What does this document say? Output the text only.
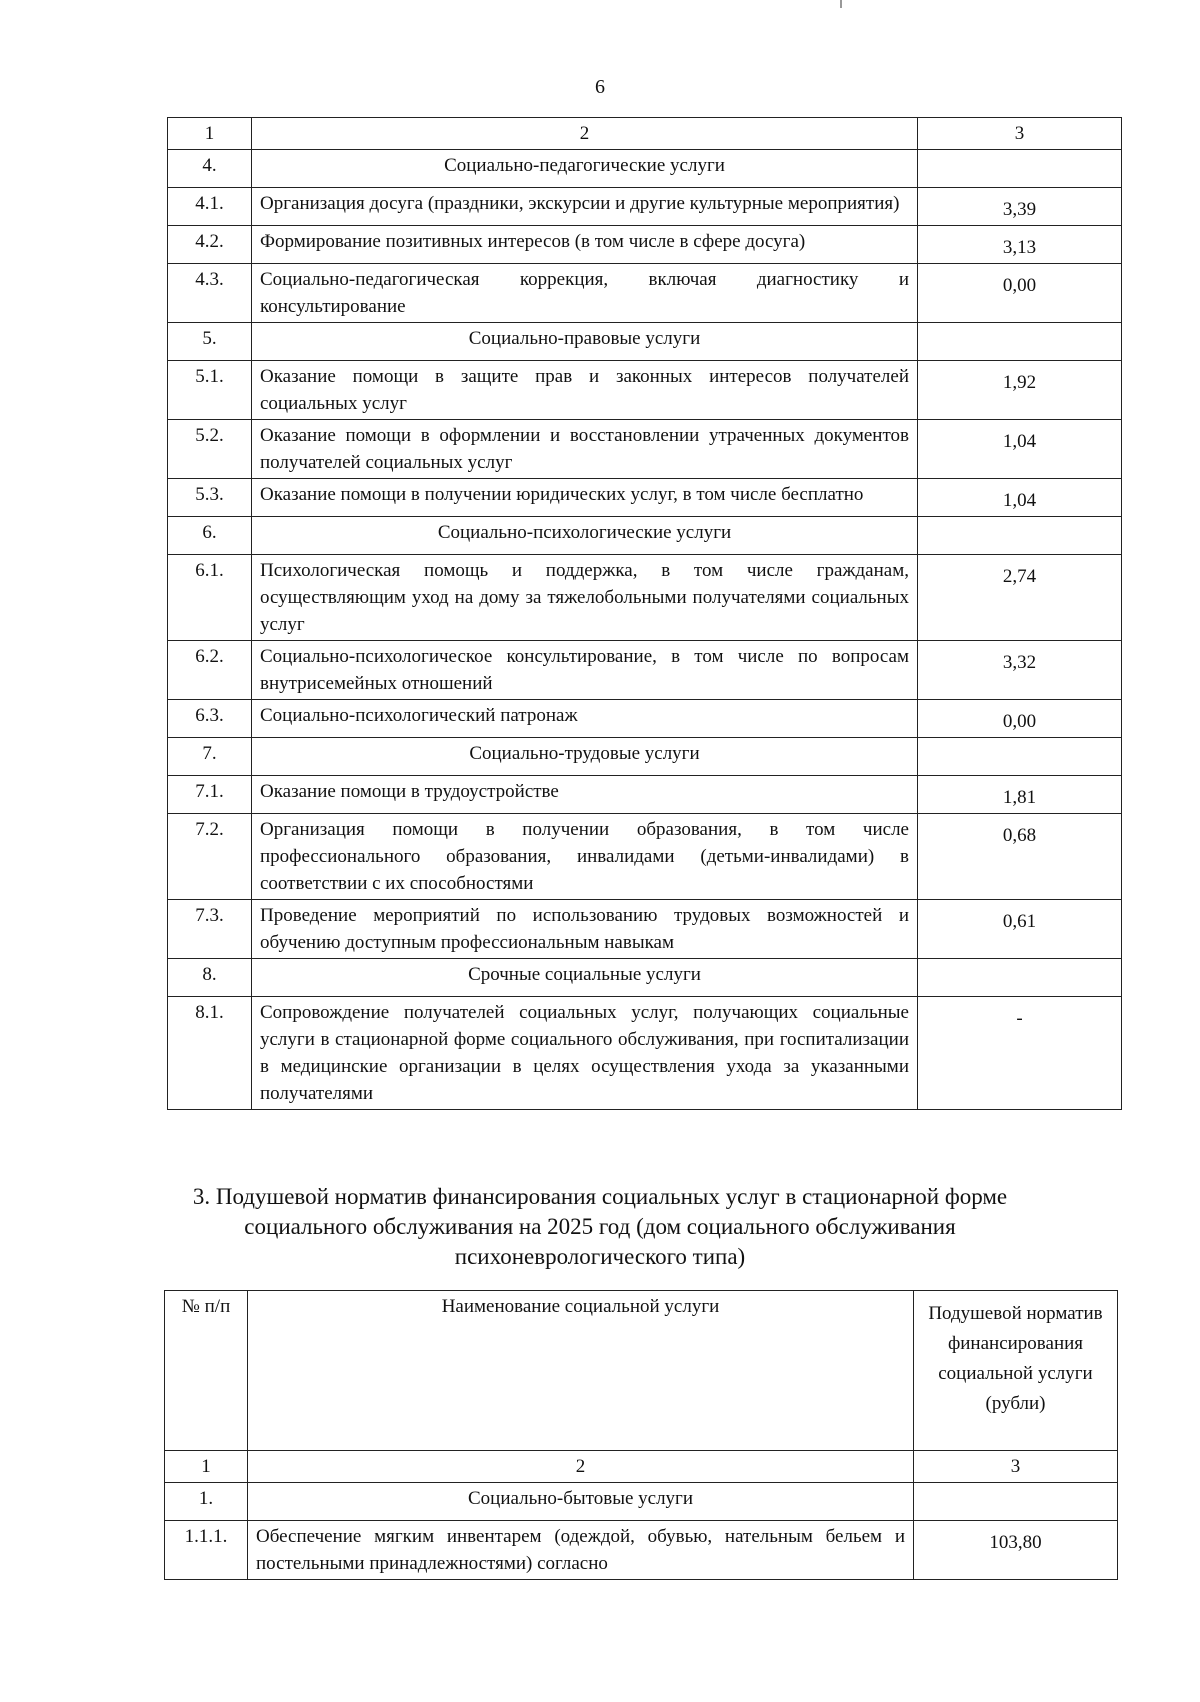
6
1	2	3
4.	Социально-педагогические услуги	
4.1.	Организация досуга (праздники, экскурсии и другие культурные мероприятия)	3,39
4.2.	Формирование позитивных интересов (в том числе в сфере досуга)	3,13
4.3.	Социально-педагогическая коррекция, включая диагностику и консультирование	0,00
5.	Социально-правовые услуги	
5.1.	Оказание помощи в защите прав и законных интересов получателей социальных услуг	1,92
5.2.	Оказание помощи в оформлении и восстановлении утраченных документов получателей социальных услуг	1,04
5.3.	Оказание помощи в получении юридических услуг, в том числе бесплатно	1,04
6.	Социально-психологические услуги	
6.1.	Психологическая помощь и поддержка, в том числе гражданам, осуществляющим уход на дому за тяжелобольными получателями социальных услуг	2,74
6.2.	Социально-психологическое консультирование, в том числе по вопросам внутрисемейных отношений	3,32
6.3.	Социально-психологический патронаж	0,00
7.	Социально-трудовые услуги	
7.1.	Оказание помощи в трудоустройстве	1,81
7.2.	Организация помощи в получении образования, в том числе профессионального образования, инвалидами (детьми-инвалидами) в соответствии с их способностями	0,68
7.3.	Проведение мероприятий по использованию трудовых возможностей и обучению доступным профессиональным навыкам	0,61
8.	Срочные социальные услуги	
8.1.	Сопровождение получателей социальных услуг, получающих социальные услуги в стационарной форме социального обслуживания, при госпитализации в медицинские организации в целях осуществления ухода за указанными получателями	-
3. Подушевой норматив финансирования социальных услуг в стационарной форме
социального обслуживания на 2025 год (дом социального обслуживания
психоневрологического типа)
№ п/п	Наименование социальной услуги	Подушевой норматив финансирования социальной услуги (рубли)
1	2	3
1.	Социально-бытовые услуги	
1.1.1.	Обеспечение мягким инвентарем (одеждой, обувью, нательным бельем и постельными принадлежностями) согласно	103,80
